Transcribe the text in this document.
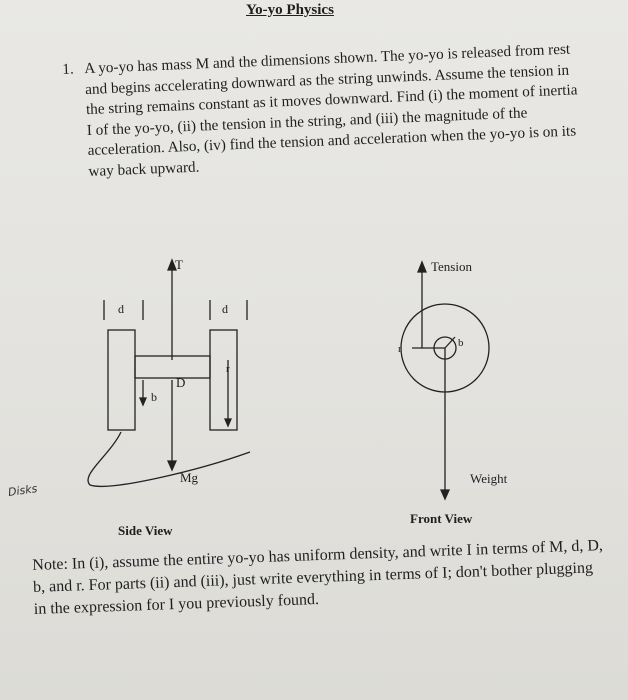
Yo-yo Physics
1. A yo-yo has mass M and the dimensions shown. The yo-yo is released from rest and begins accelerating downward as the string unwinds. Assume the tension in the string remains constant as it moves downward. Find (i) the moment of inertia I of the yo-yo, (ii) the tension in the string, and (iii) the magnitude of the acceleration. Also, (iv) find the tension and acceleration when the yo-yo is on its way back upward.
T
d	d
D
b
r
Mg
Side View
Tension
r	b
Weight
Front View
Disks
Note: In (i), assume the entire yo-yo has uniform density, and write I in terms of M, d, D, b, and r. For parts (ii) and (iii), just write everything in terms of I; don't bother plugging in the expression for I you previously found.
